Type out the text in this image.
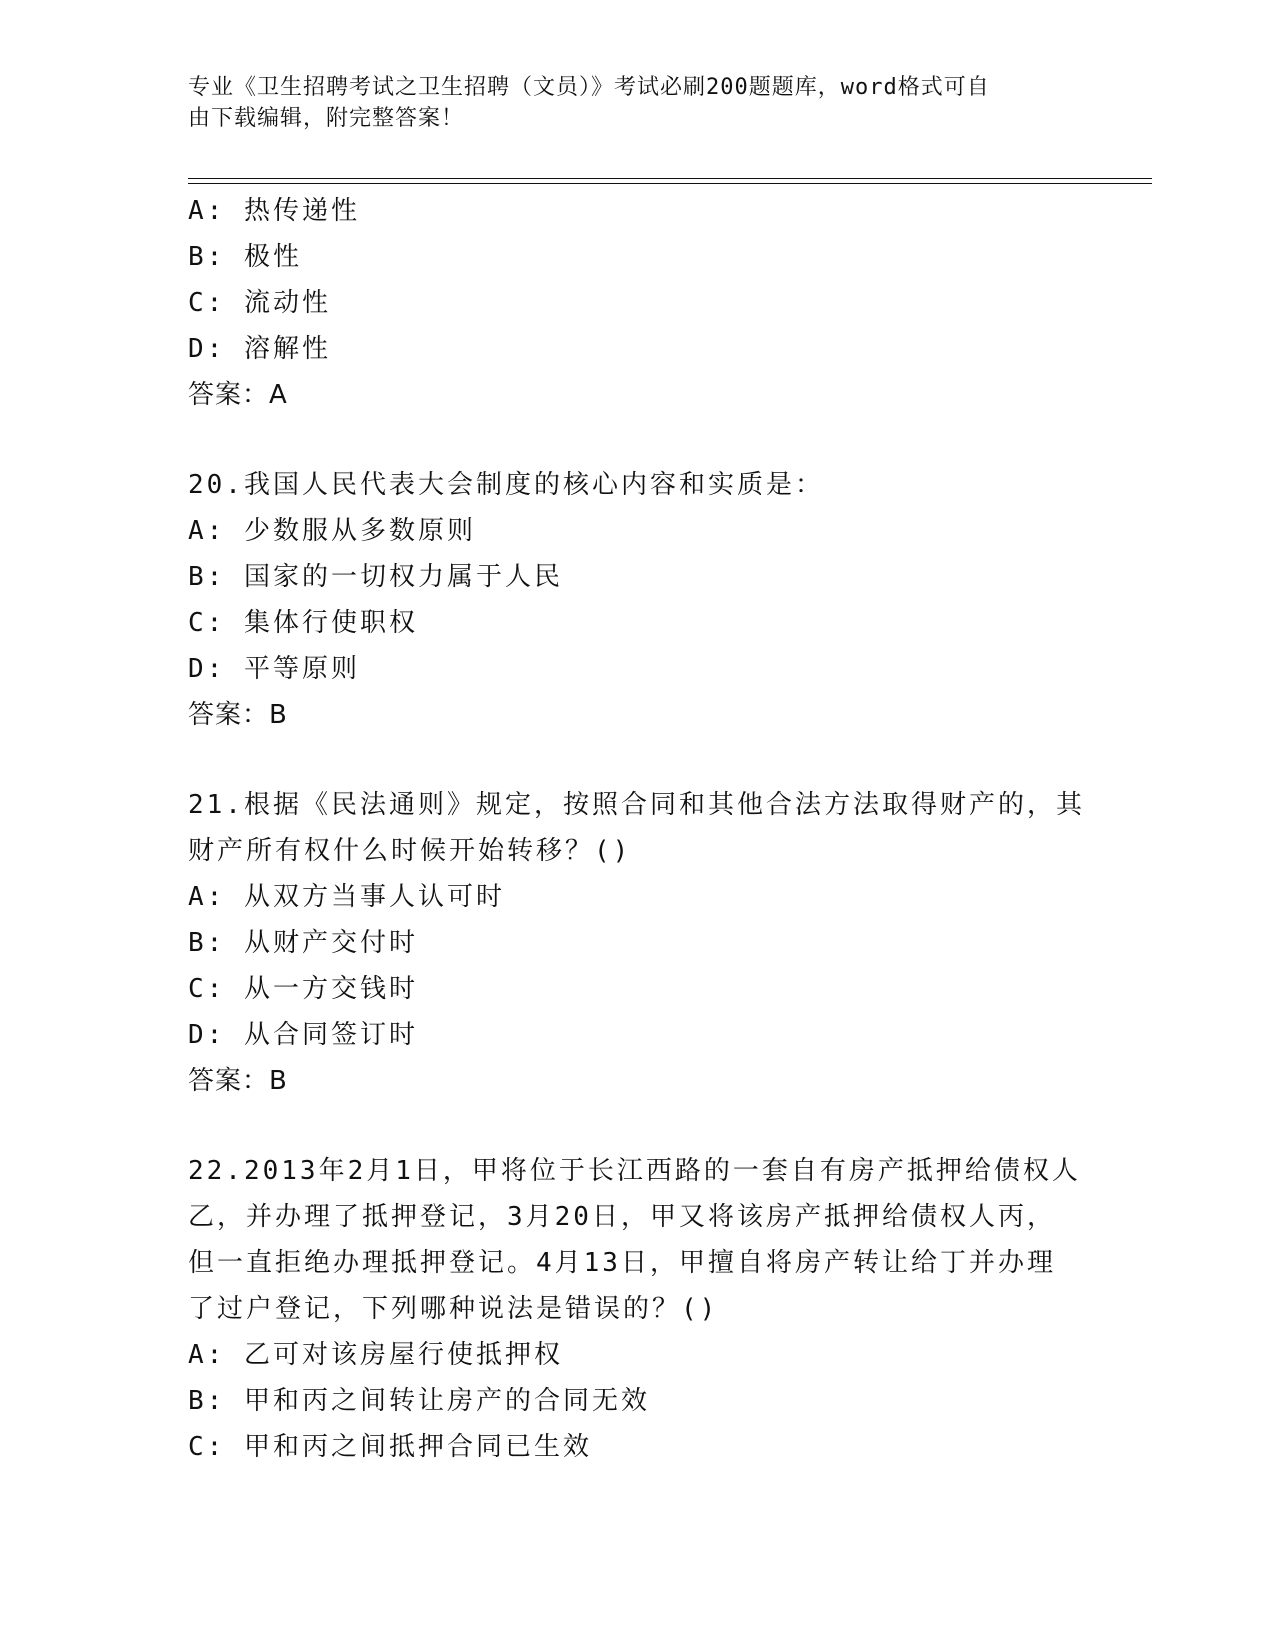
专业《卫生招聘考试之卫生招聘（文员）》考试必刷200题题库，word格式可自
由下载编辑，附完整答案！
A: 热传递性
B: 极性
C: 流动性
D: 溶解性
答案：A
20.我国人民代表大会制度的核心内容和实质是：
A: 少数服从多数原则
B: 国家的一切权力属于人民
C: 集体行使职权
D: 平等原则
答案：B
21.根据《民法通则》规定，按照合同和其他合法方法取得财产的，其
财产所有权什么时候开始转移？()
A: 从双方当事人认可时
B: 从财产交付时
C: 从一方交钱时
D: 从合同签订时
答案：B
22.2013年2月1日，甲将位于长江西路的一套自有房产抵押给债权人
乙，并办理了抵押登记，3月20日，甲又将该房产抵押给债权人丙，
但一直拒绝办理抵押登记。4月13日，甲擅自将房产转让给丁并办理
了过户登记，下列哪种说法是错误的？()
A: 乙可对该房屋行使抵押权
B: 甲和丙之间转让房产的合同无效
C: 甲和丙之间抵押合同已生效
